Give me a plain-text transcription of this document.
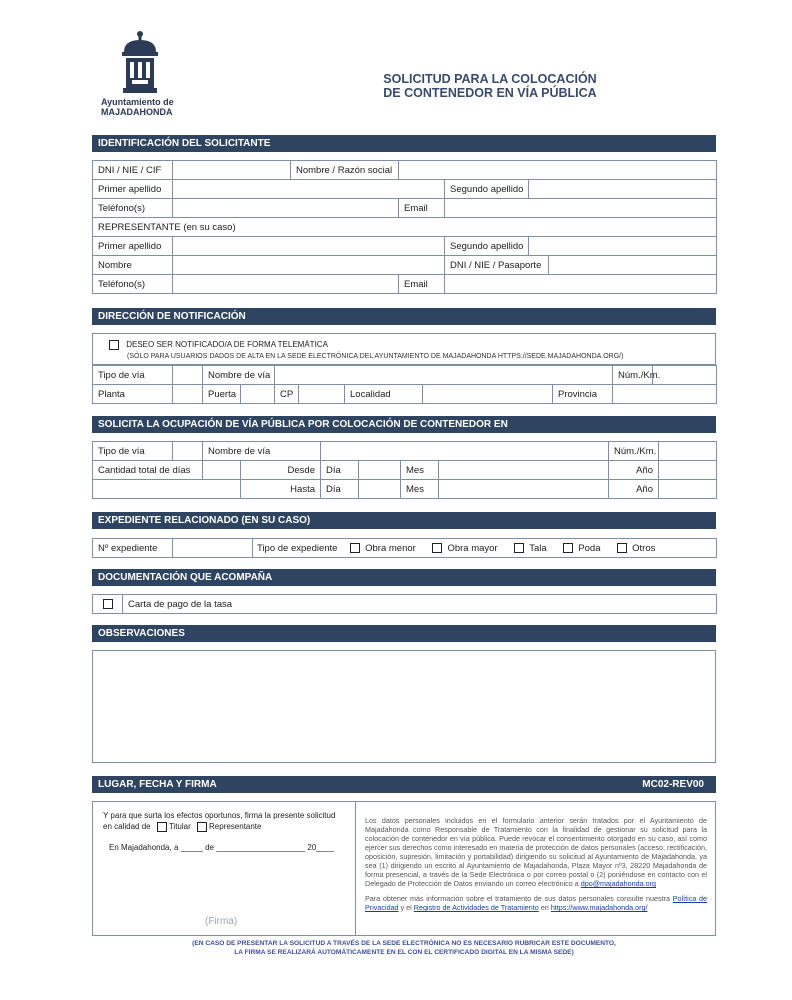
Ayuntamiento de
MAJADAHONDA
SOLICITUD PARA LA COLOCACIÓN
DE CONTENEDOR EN VÍA PÚBLICA
IDENTIFICACIÓN DEL SOLICITANTE
DNI / NIE / CIF		Nombre / Razón social				
Primer apellido				Segundo apellido		
Teléfono(s)			Email			
REPRESENTANTE (en su caso)						
Primer apellido				Segundo apellido		
Nombre				DNI / NIE / Pasaporte		
Teléfono(s)			Email			
DIRECCIÓN DE NOTIFICACIÓN
DESEO SER NOTIFICADO/A DE FORMA TELEMÁTICA
(SÓLO PARA USUARIOS DADOS DE ALTA EN LA SEDE ELECTRÓNICA DEL AYUNTAMIENTO DE MAJADAHONDA HTTPS://SEDE.MAJADAHONDA.ORG/)
Tipo de vía		Nombre de vía							Núm./Km.	
Planta		Puerta		CP		Localidad		Provincia		
SOLICITA LA OCUPACIÓN DE VÍA PÚBLICA POR COLOCACIÓN DE CONTENEDOR EN
Tipo de vía		Nombre de vía						Núm./Km.	
Cantidad total de días			Desde	Día		Mes		Año	
			Hasta	Día		Mes		Año	
EXPEDIENTE RELACIONADO (EN SU CASO)
Nº expediente		Tipo de expediente	Obra menor	Obra mayor	Tala	Poda	Otros
DOCUMENTACIÓN QUE ACOMPAÑA
	Carta de pago de la tasa
OBSERVACIONES
LUGAR, FECHA Y FIRMA	MC02-REV00
Y para que surta los efectos oportunos, firma la presente solicitud
en calidad de Titular Representante
En Majadahonda, a _____ de ____________________ 20____
(Firma)
Los datos personales incluidos en el formulario anterior serán tratados por el Ayuntamiento de Majadahonda como Responsable de Tratamiento con la finalidad de gestionar su solicitud para la colocación de contenedor en vía pública. Puede revocar el consentimiento otorgado en su caso, así como ejercer sus derechos como interesado en materia de protección de datos personales (acceso, rectificación, oposición, supresión, limitación y portabilidad) dirigiendo su solicitud al Ayuntamiento de Majadahonda, ya sea (1) dirigiendo un escrito al Ayuntamiento de Majadahonda, Plaza Mayor nº3, 28220 Majadahonda de forma presencial, a través de la Sede Electrónica o por correo postal o (2) poniéndose en contacto con el Delegado de Protección de Datos enviando un correo electrónico a dpo@majadahonda.org
Para obtener más información sobre el tratamiento de sus datos personales consulte nuestra Política de Privacidad y el Registro de Actividades de Tratamiento en https://www.majadahonda.org/
(EN CASO DE PRESENTAR LA SOLICITUD A TRAVÉS DE LA SEDE ELECTRÓNICA NO ES NECESARIO RUBRICAR ESTE DOCUMENTO,
LA FIRMA SE REALIZARÁ AUTOMÁTICAMENTE EN EL CON EL CERTIFICADO DIGITAL EN LA MISMA SEDE)
